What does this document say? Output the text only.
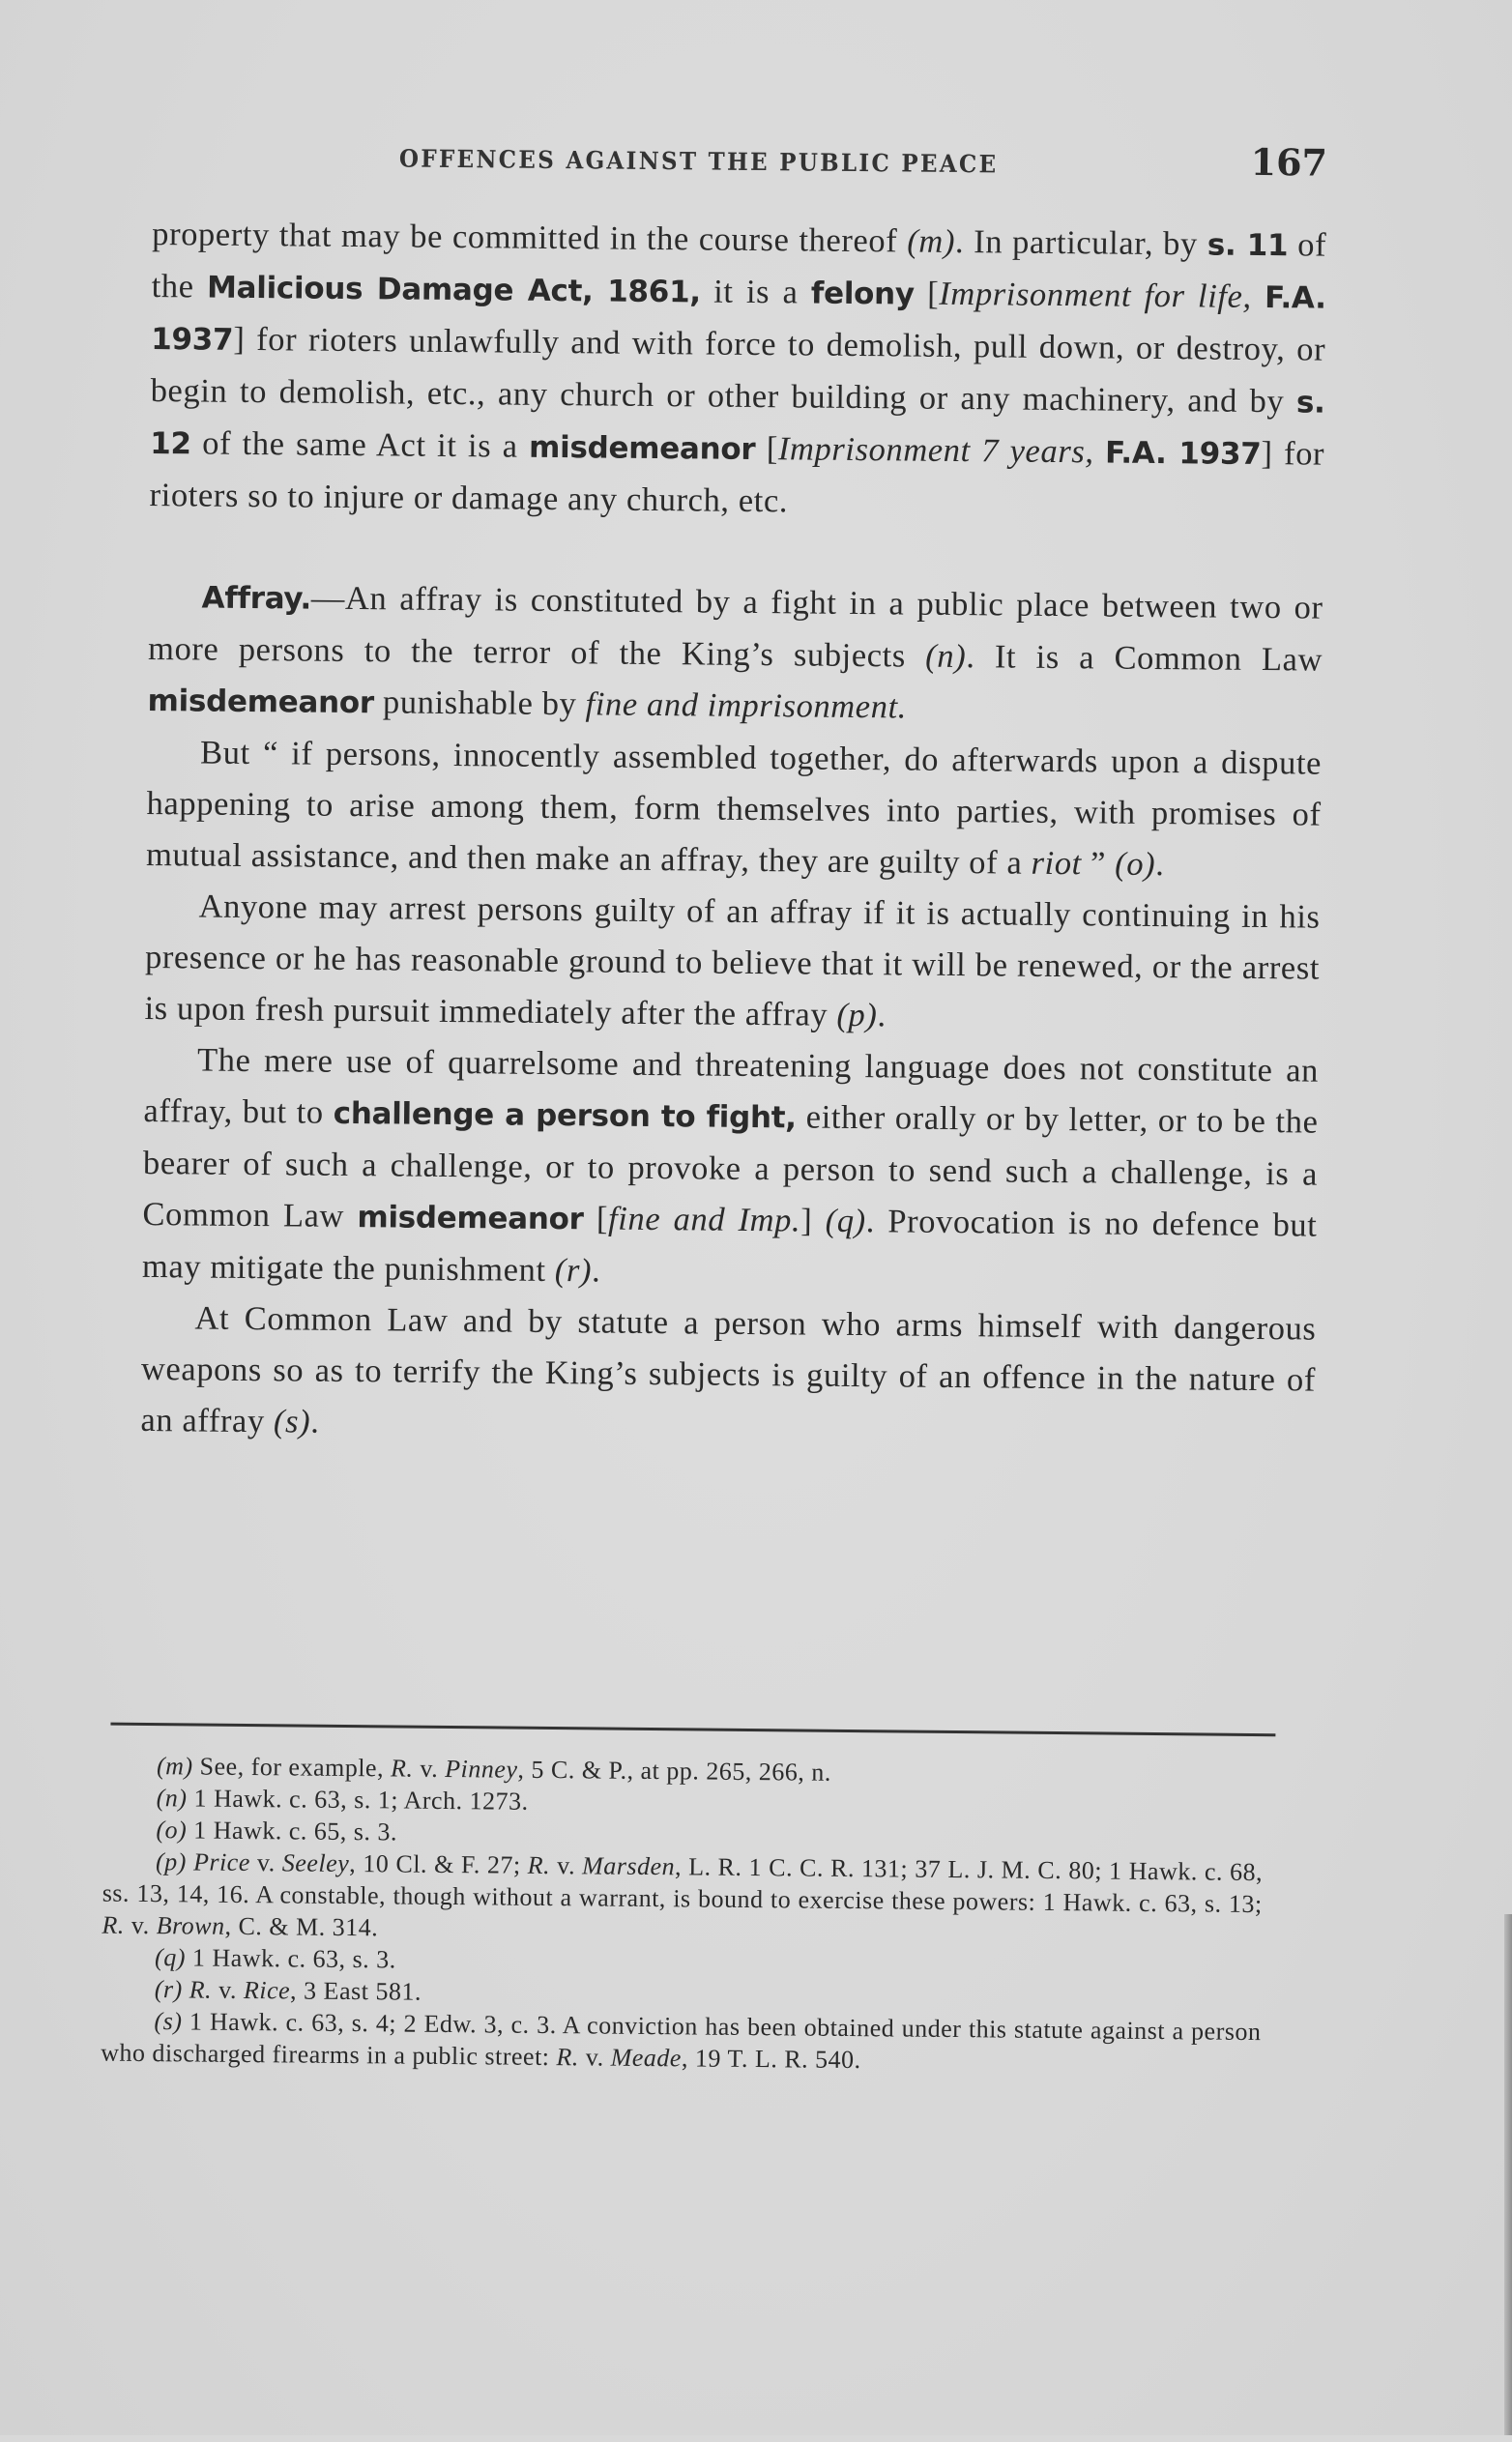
OFFENCES AGAINST THE PUBLIC PEACE	167

property that may be committed in the course thereof (m). In particular, by s. 11 of the Malicious Damage Act, 1861, it is a felony [Imprisonment for life, F.A. 1937] for rioters unlawfully and with force to demolish, pull down, or destroy, or begin to demolish, etc., any church or other building or any machinery, and by s. 12 of the same Act it is a misdemeanor [Imprisonment 7 years, F.A. 1937] for rioters so to injure or damage any church, etc.

Affray.—An affray is constituted by a fight in a public place between two or more persons to the terror of the King’s subjects (n). It is a Common Law misdemeanor punishable by fine and imprisonment.

But “ if persons, innocently assembled together, do afterwards upon a dispute happening to arise among them, form themselves into parties, with promises of mutual assistance, and then make an affray, they are guilty of a riot ” (o).

Anyone may arrest persons guilty of an affray if it is actually continuing in his presence or he has reasonable ground to believe that it will be renewed, or the arrest is upon fresh pursuit immediately after the affray (p).

The mere use of quarrelsome and threatening language does not constitute an affray, but to challenge a person to fight, either orally or by letter, or to be the bearer of such a challenge, or to provoke a person to send such a challenge, is a Common Law misdemeanor [fine and Imp.] (q). Provocation is no defence but may mitigate the punishment (r).

At Common Law and by statute a person who arms himself with dangerous weapons so as to terrify the King’s subjects is guilty of an offence in the nature of an affray (s).

(m) See, for example, R. v. Pinney, 5 C. & P., at pp. 265, 266, n.

(n) 1 Hawk. c. 63, s. 1; Arch. 1273.

(o) 1 Hawk. c. 65, s. 3.

(p) Price v. Seeley, 10 Cl. & F. 27; R. v. Marsden, L. R. 1 C. C. R. 131; 37 L. J. M. C. 80; 1 Hawk. c. 68, ss. 13, 14, 16. A constable, though without a warrant, is bound to exercise these powers: 1 Hawk. c. 63, s. 13; R. v. Brown, C. & M. 314.

(q) 1 Hawk. c. 63, s. 3.

(r) R. v. Rice, 3 East 581.

(s) 1 Hawk. c. 63, s. 4; 2 Edw. 3, c. 3. A conviction has been obtained under this statute against a person who discharged firearms in a public street: R. v. Meade, 19 T. L. R. 540.
